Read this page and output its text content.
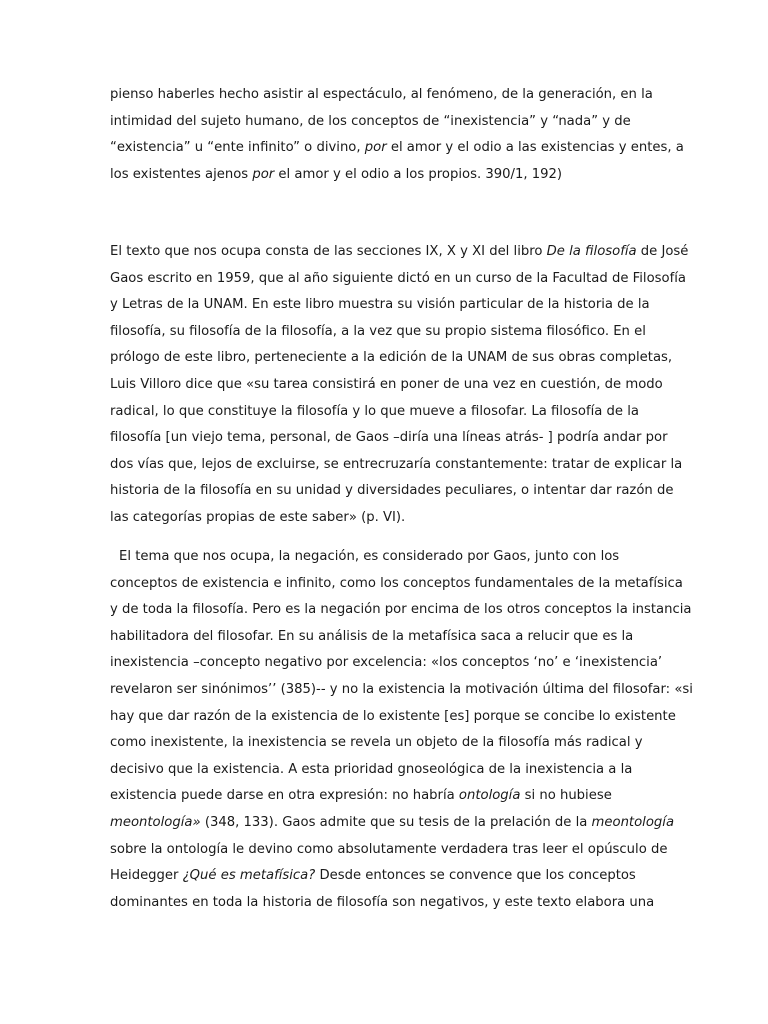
pienso haberles hecho asistir al espectáculo, al fenómeno, de la generación, en la
intimidad del sujeto humano, de los conceptos de “inexistencia” y “nada” y de
“existencia” u “ente infinito” o divino, por el amor y el odio a las existencias y entes, a
los existentes ajenos por el amor y el odio a los propios. 390/1, 192)
El texto que nos ocupa consta de las secciones IX, X y XI del libro De la filosofía de José
Gaos escrito en 1959, que al año siguiente dictó en un curso de la Facultad de Filosofía
y Letras de la UNAM. En este libro muestra su visión particular de la historia de la
filosofía, su filosofía de la filosofía, a la vez que su propio sistema filosófico. En el
prólogo de este libro, perteneciente a la edición de la UNAM de sus obras completas,
Luis Villoro dice que «su tarea consistirá en poner de una vez en cuestión, de modo
radical, lo que constituye la filosofía y lo que mueve a filosofar. La filosofía de la
filosofía [un viejo tema, personal, de Gaos –diría una líneas atrás- ] podría andar por
dos vías que, lejos de excluirse, se entrecruzaría constantemente: tratar de explicar la
historia de la filosofía en su unidad y diversidades peculiares, o intentar dar razón de
las categorías propias de este saber» (p. VI).
El tema que nos ocupa, la negación, es considerado por Gaos, junto con los
conceptos de existencia e infinito, como los conceptos fundamentales de la metafísica
y de toda la filosofía. Pero es la negación por encima de los otros conceptos la instancia
habilitadora del filosofar. En su análisis de la metafísica saca a relucir que es la
inexistencia –concepto negativo por excelencia: «los conceptos ‘no’ e ‘inexistencia’
revelaron ser sinónimos’’ (385)-- y no la existencia la motivación última del filosofar: «si
hay que dar razón de la existencia de lo existente [es] porque se concibe lo existente
como inexistente, la inexistencia se revela un objeto de la filosofía más radical y
decisivo que la existencia. A esta prioridad gnoseológica de la inexistencia a la
existencia puede darse en otra expresión: no habría ontología si no hubiese
meontología» (348, 133). Gaos admite que su tesis de la prelación de la meontología
sobre la ontología le devino como absolutamente verdadera tras leer el opúsculo de
Heidegger ¿Qué es metafísica? Desde entonces se convence que los conceptos
dominantes en toda la historia de filosofía son negativos, y este texto elabora una
